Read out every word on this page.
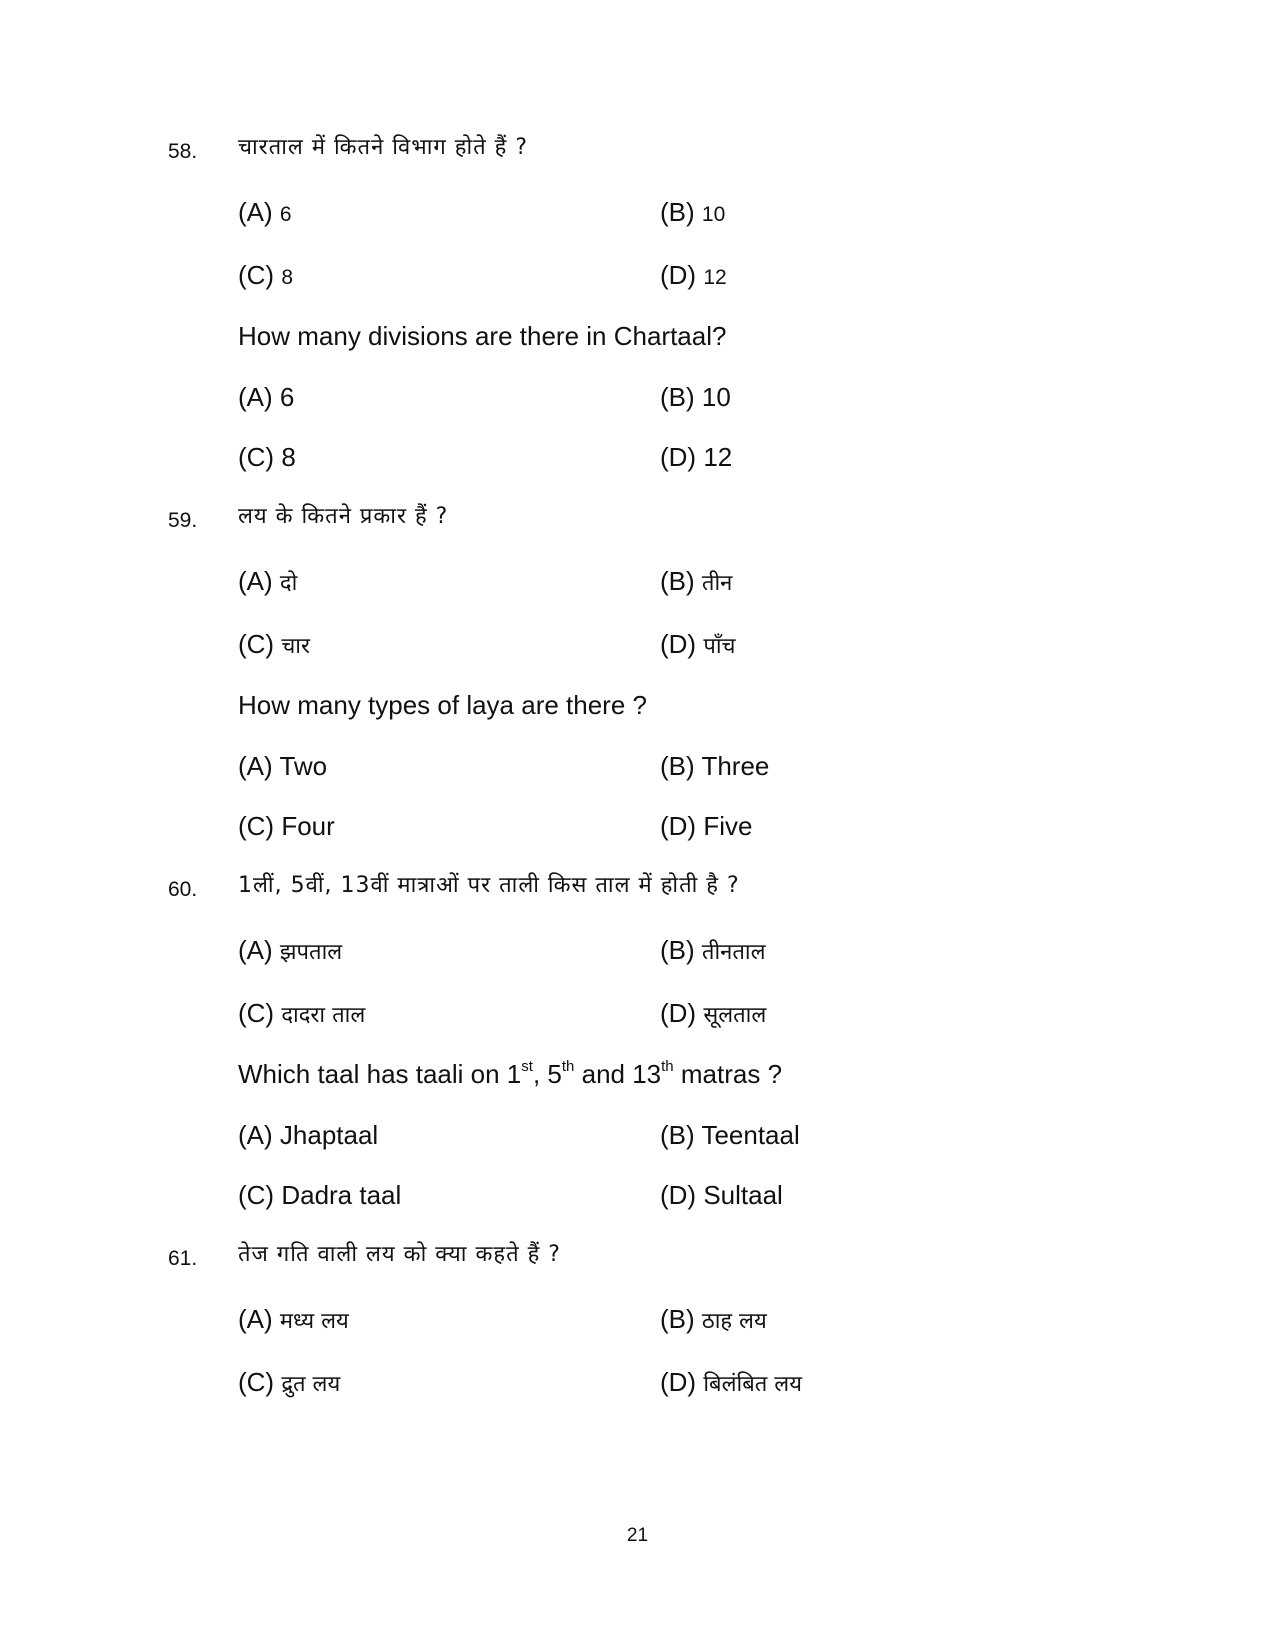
58. चारताल में कितने विभाग होते हैं ?
(A) 6	(B) 10
(C) 8	(D) 12
How many divisions are there in Chartaal?
(A) 6	(B) 10
(C) 8	(D) 12
59. लय के कितने प्रकार हैं ?
(A) दो	(B) तीन
(C) चार	(D) पाँच
How many types of laya are there ?
(A) Two	(B) Three
(C) Four	(D) Five
60. 1लीं, 5वीं, 13वीं मात्राओं पर ताली किस ताल में होती है ?
(A) झपताल	(B) तीनताल
(C) दादरा ताल	(D) सूलताल
Which taal has taali on 1st, 5th and 13th matras ?
(A) Jhaptaal	(B) Teentaal
(C) Dadra taal	(D) Sultaal
61. तेज गति वाली लय को क्या कहते हैं ?
(A) मध्य लय	(B) ठाह लय
(C) द्रुत लय	(D) बिलंबित लय
21
